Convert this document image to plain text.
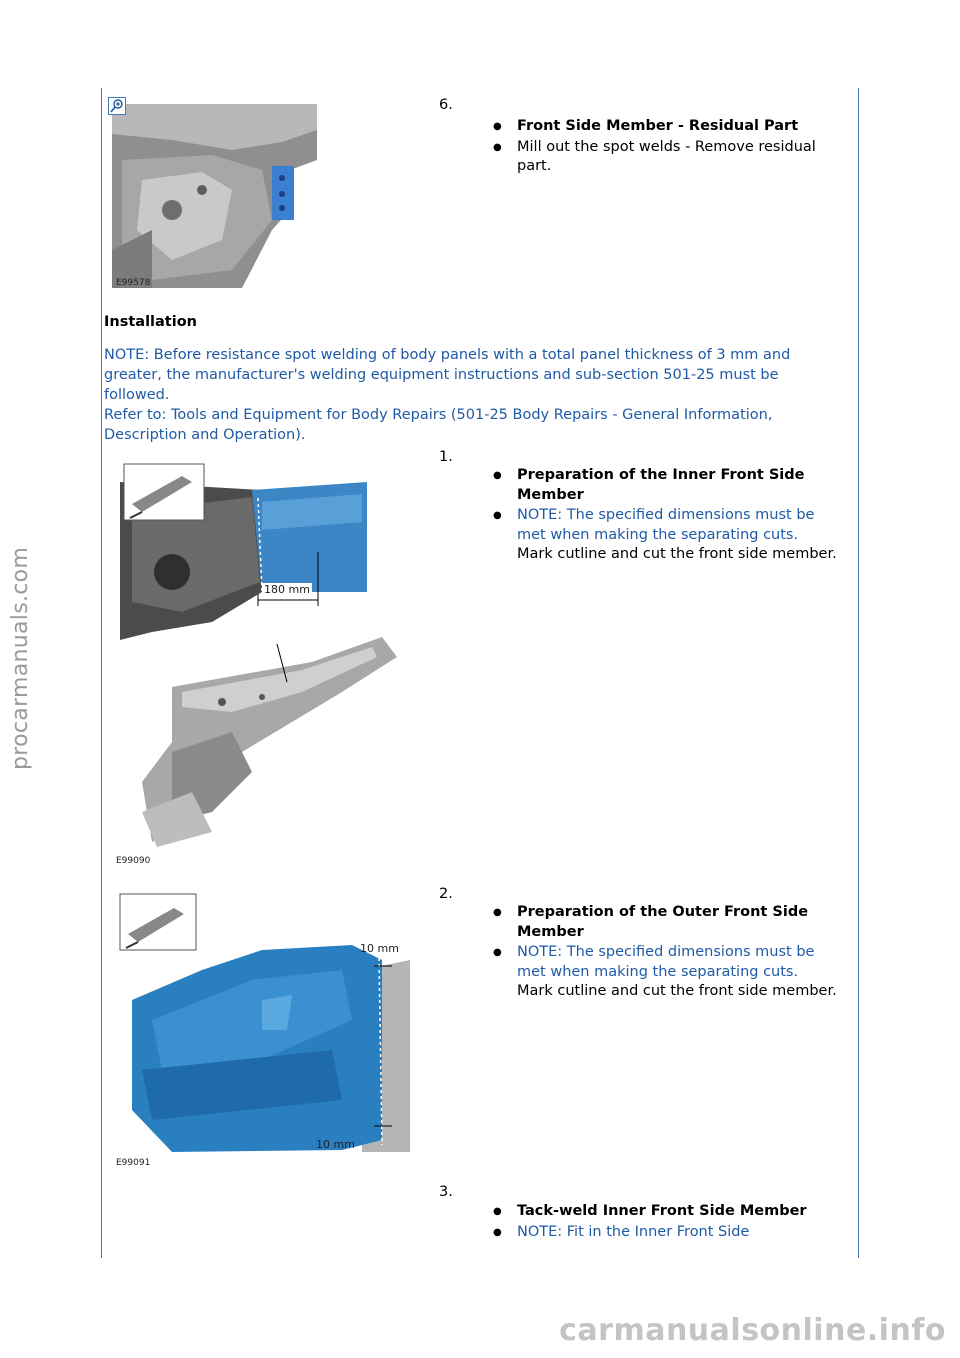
procarmanuals.com
E99578
6.
● Front Side Member - Residual Part
● Mill out the spot welds - Remove residual part.
Installation
NOTE: Before resistance spot welding of body panels with a total panel thickness of 3 mm and greater, the manufacturer's welding equipment instructions and sub-section 501-25 must be followed.
Refer to: Tools and Equipment for Body Repairs (501-25 Body Repairs - General Information, Description and Operation).
180 mm
E99090
1.
● Preparation of the Inner Front Side Member
● NOTE: The specified dimensions must be met when making the separating cuts.
Mark cutline and cut the front side member.
10 mm
10 mm
E99091
2.
● Preparation of the Outer Front Side Member
● NOTE: The specified dimensions must be met when making the separating cuts.
Mark cutline and cut the front side member.
3.
● Tack-weld Inner Front Side Member
● NOTE: Fit in the Inner Front Side
carmanualsonline.info
